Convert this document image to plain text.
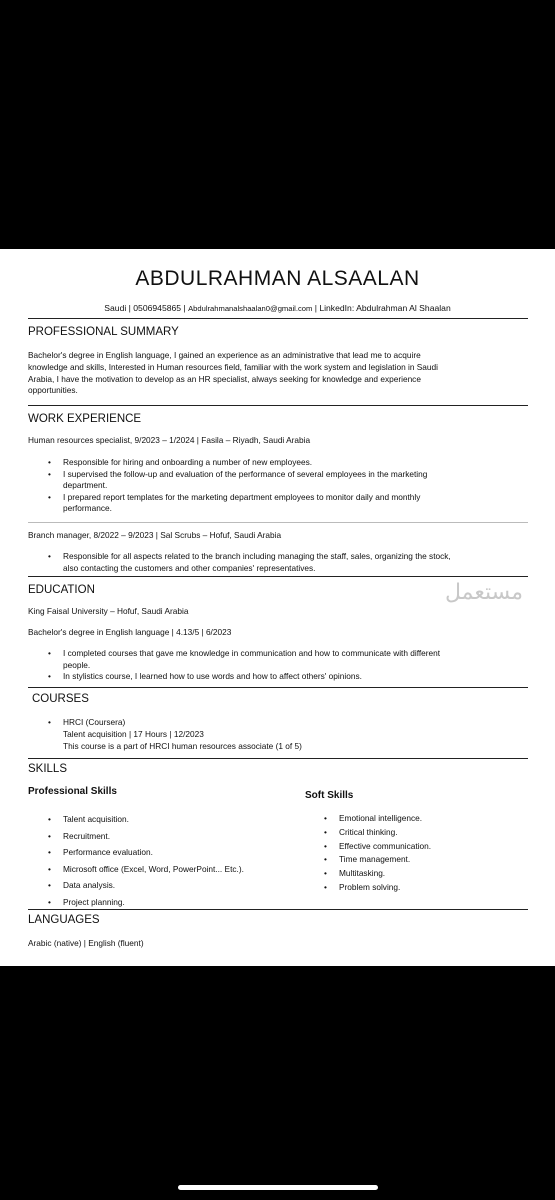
ABDULRAHMAN ALSAALAN
Saudi | 0506945865 | Abdulrahmanalshaalan0@gmail.com | LinkedIn: Abdulrahman Al Shaalan
PROFESSIONAL SUMMARY
Bachelor's degree in English language, I gained an experience as an administrative that lead me to acquire
knowledge and skills, Interested in Human resources field, familiar with the work system and legislation in Saudi
Arabia, I have the motivation to develop as an HR specialist, always seeking for knowledge and experience
opportunities.
WORK EXPERIENCE
Human resources specialist, 9/2023 – 1/2024 | Fasila – Riyadh, Saudi Arabia
• Responsible for hiring and onboarding a number of new employees.
• I supervised the follow-up and evaluation of the performance of several employees in the marketing
department.
• I prepared report templates for the marketing department employees to monitor daily and monthly
performance.
Branch manager, 8/2022 – 9/2023 | Sal Scrubs – Hofuf, Saudi Arabia
• Responsible for all aspects related to the branch including managing the staff, sales, organizing the stock,
also contacting the customers and other companies' representatives.
EDUCATION
King Faisal University – Hofuf, Saudi Arabia
Bachelor's degree in English language | 4.13/5 | 6/2023
• I completed courses that gave me knowledge in communication and how to communicate with different
people.
• In stylistics course, I learned how to use words and how to affect others' opinions.
COURSES
• HRCI (Coursera)
Talent acquisition | 17 Hours | 12/2023
This course is a part of HRCI human resources associate (1 of 5)
SKILLS
Professional Skills	Soft Skills
• Talent acquisition.
• Recruitment.
• Performance evaluation.
• Microsoft office (Excel, Word, PowerPoint... Etc.).
• Data analysis.
• Project planning.
• Emotional intelligence.
• Critical thinking.
• Effective communication.
• Time management.
• Multitasking.
• Problem solving.
LANGUAGES
Arabic (native) | English (fluent)
مستعمل
